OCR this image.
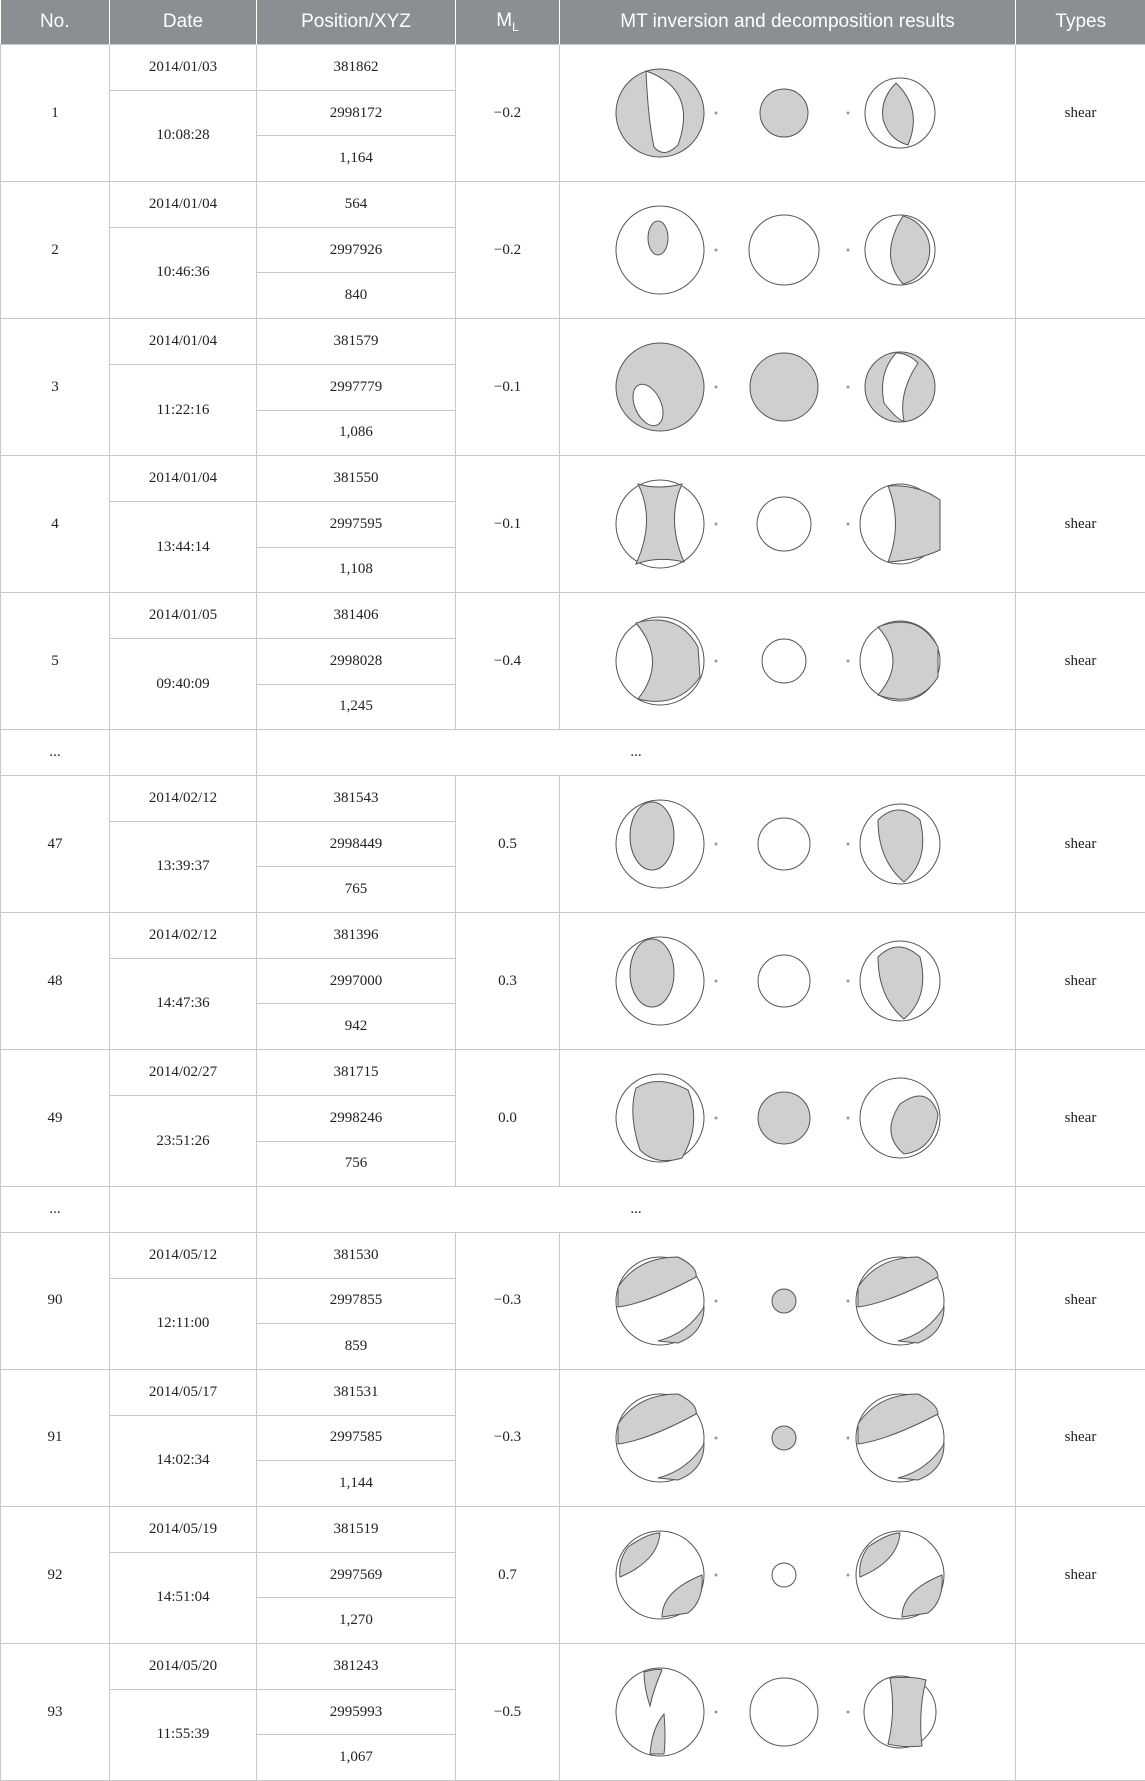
No.	Date	Position/XYZ	$M_L$	MT inversion and decomposition results	Types
1	2014/01/03	381862	−0.2		shear
	10:08:28	2998172			
		1,164			
2	2014/01/04	564	−0.2	

	10:46:36	2997926			
		840			
3	2014/01/04	381579	−0.1	

	11:22:16	2997779			
		1,086			
4	2014/01/04	381550	−0.1		shear
	13:44:14	2997595			
		1,108			
5	2014/01/05	381406	−0.4		shear
	09:40:09	2998028			
		1,245			
...		...			
47	2014/02/12	381543	0.5		shear
	13:39:37	2998449			
		765			
48	2014/02/12	381396	0.3		shear
	14:47:36	2997000			
		942			
49	2014/02/27	381715	0.0		shear
	23:51:26	2998246			
		756			
...		...			
90	2014/05/12	381530	−0.3		shear
	12:11:00	2997855			
		859			
91	2014/05/17	381531	−0.3		shear
	14:02:34	2997585			
		1,144			
92	2014/05/19	381519	0.7		shear
	14:51:04	2997569			
		1,270			
93	2014/05/20	381243	−0.5	

	11:55:39	2995993			
		1,067			
